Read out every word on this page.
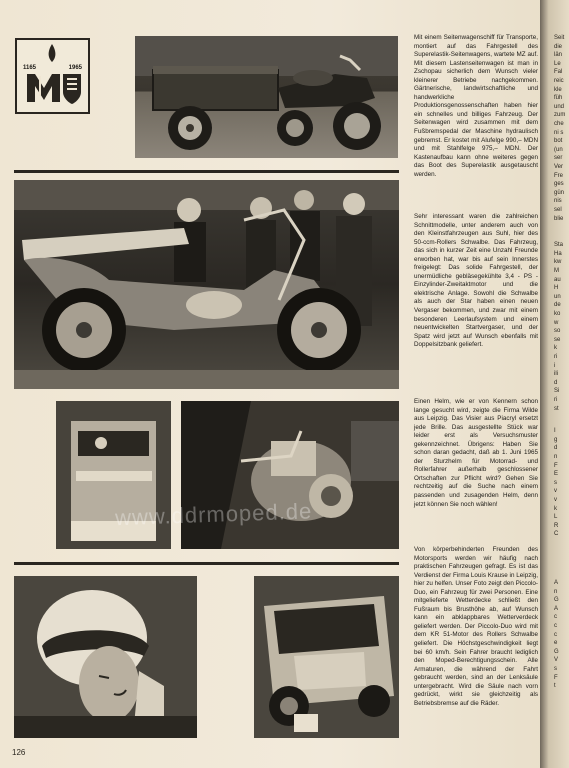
1165	1965
www.ddrmoped.de

Mit einem Seitenwagenschiff für Transporte, montiert auf das Fahrgestell des Superelastik-Seitenwagens, wartete MZ auf. Mit diesem Lastenseitenwagen ist man in Zschopau sicherlich dem Wunsch vieler kleinerer Betriebe nachgekommen. Gärtnerische, landwirtschaftliche und handwerkliche Produktionsgenossenschaften haben hier ein schnelles und billiges Fahrzeug. Der Seitenwagen wird zusammen mit dem Fußbremspedal der Maschine hydraulisch gebremst. Er kostet mit Alufelge 990,– MDN und mit Stahlfelge 975,– MDN. Der Kastenaufbau kann ohne weiteres gegen das Boot des Superelastik ausgetauscht werden.

Sehr interessant waren die zahlreichen Schnittmodelle, unter anderem auch von den Kleinstfahrzeugen aus Suhl, hier des 50-ccm-Rollers Schwalbe. Das Fahrzeug, das sich in kurzer Zeit eine Unzahl Freunde erworben hat, war bis auf sein Innerstes freigelegt: Das solide Fahrgestell, der unermüdliche gebläsegekühlte 3,4 - PS - Einzylinder-Zweitaktmotor und die elektrische Anlage. Sowohl die Schwalbe als auch der Star haben einen neuen Vergaser bekommen, und zwar mit einem besonderen Leerlaufsystem und einem neuentwickelten Startvergaser, und der Spatz wird jetzt auf Wunsch ebenfalls mit Doppelsitzbank geliefert.

Einen Helm, wie er von Kennern schon lange gesucht wird, zeigte die Firma Wilde aus Leipzig. Das Visier aus Piacryl ersetzt jede Brille. Das ausgestellte Stück war leider erst als Versuchsmuster gekennzeichnet. Übrigens: Haben Sie schon daran gedacht, daß ab 1. Juni 1965 der Sturzhelm für Motorrad- und Rollerfahrer außerhalb geschlossener Ortschaften zur Pflicht wird? Gehen Sie rechtzeitig auf die Suche nach einem passenden und zusagenden Helm, denn jetzt können Sie noch wählen!

Von körperbehinderten Freunden des Motorsports werden wir häufig nach praktischen Fahrzeugen gefragt. Es ist das Verdienst der Firma Louis Krause in Leipzig, hier zu helfen. Unser Foto zeigt den Piccolo-Duo, ein Fahrzeug für zwei Personen. Eine mitgelieferte Wetterdecke schließt den Fußraum bis Brusthöhe ab, auf Wunsch kann ein abklappbares Wetterverdeck geliefert werden. Der Piccolo-Duo wird mit dem KR 51-Motor des Rollers Schwalbe geliefert. Die Höchstgeschwindigkeit liegt bei 60 km/h. Sein Fahrer braucht lediglich den Moped-Berechtigungsschein. Alle Armaturen, die während der Fahrt gebraucht werden, sind an der Lenksäule untergebracht. Wird die Säule nach vorn gedrückt, wirkt sie gleichzeitig als Betriebsbremse auf die Räder.

126
Seit
die
län
Le
Fal
reic
kle
füh
und
zum
che
ni s
bot
(un
ser
Ver
Fre
ges
gün
nis
sel
blie
Sta
Ha
kw
M
au
H
un
de
ko
w
so
se
k
ri
i
ili
d
Si
ri
st
I
g
d
n
F
E
s
v
v
k
L
R
C
A
n
G
A
c
c
c
e
G
V
s
F
t
